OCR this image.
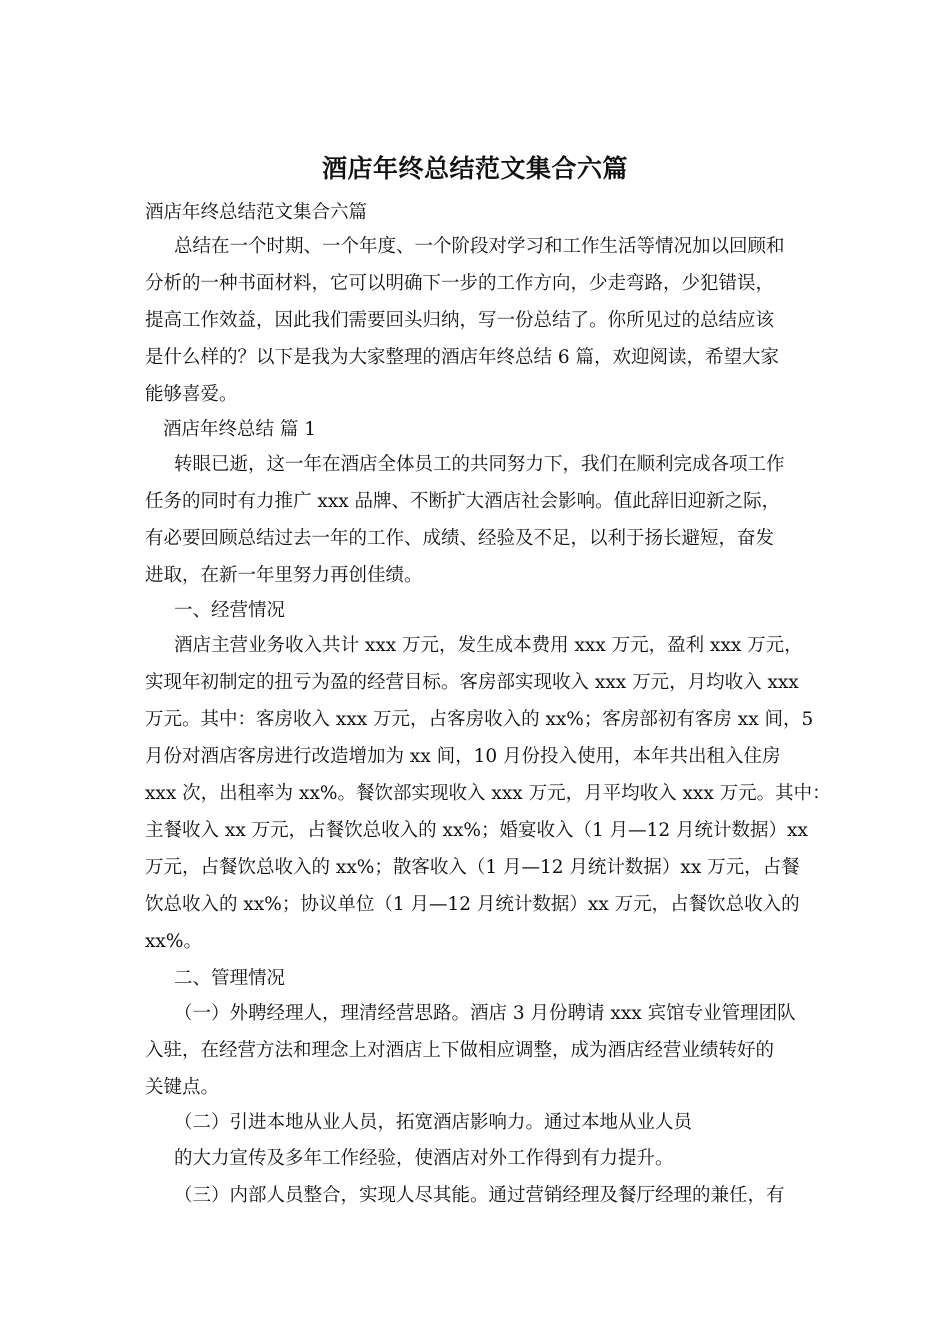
酒店年终总结范文集合六篇
酒店年终总结范文集合六篇
总结在一个时期、一个年度、一个阶段对学习和工作生活等情况加以回顾和
分析的一种书面材料，它可以明确下一步的工作方向，少走弯路，少犯错误，
提高工作效益，因此我们需要回头归纳，写一份总结了。你所见过的总结应该
是什么样的？以下是我为大家整理的酒店年终总结 6 篇，欢迎阅读，希望大家
能够喜爱。
酒店年终总结 篇 1
转眼已逝，这一年在酒店全体员工的共同努力下，我们在顺利完成各项工作
任务的同时有力推广 xxx 品牌、不断扩大酒店社会影响。值此辞旧迎新之际，
有必要回顾总结过去一年的工作、成绩、经验及不足，以利于扬长避短，奋发
进取，在新一年里努力再创佳绩。
一、经营情况
酒店主营业务收入共计 xxx 万元，发生成本费用 xxx 万元，盈利 xxx 万元，
实现年初制定的扭亏为盈的经营目标。客房部实现收入 xxx 万元，月均收入 xxx
万元。其中：客房收入 xxx 万元，占客房收入的 xx%；客房部初有客房 xx 间，5
月份对酒店客房进行改造增加为 xx 间，10 月份投入使用，本年共出租入住房
xxx 次，出租率为 xx%。餐饮部实现收入 xxx 万元，月平均收入 xxx 万元。其中：
主餐收入 xx 万元，占餐饮总收入的 xx%；婚宴收入（1 月—12 月统计数据）xx
万元，占餐饮总收入的 xx%；散客收入（1 月—12 月统计数据）xx 万元，占餐
饮总收入的 xx%；协议单位（1 月—12 月统计数据）xx 万元，占餐饮总收入的
xx%。
二、管理情况
（一）外聘经理人，理清经营思路。酒店 3 月份聘请 xxx 宾馆专业管理团队
入驻，在经营方法和理念上对酒店上下做相应调整，成为酒店经营业绩转好的
关键点。
（二）引进本地从业人员，拓宽酒店影响力。通过本地从业人员
的大力宣传及多年工作经验，使酒店对外工作得到有力提升。
（三）内部人员整合，实现人尽其能。通过营销经理及餐厅经理的兼任，有
